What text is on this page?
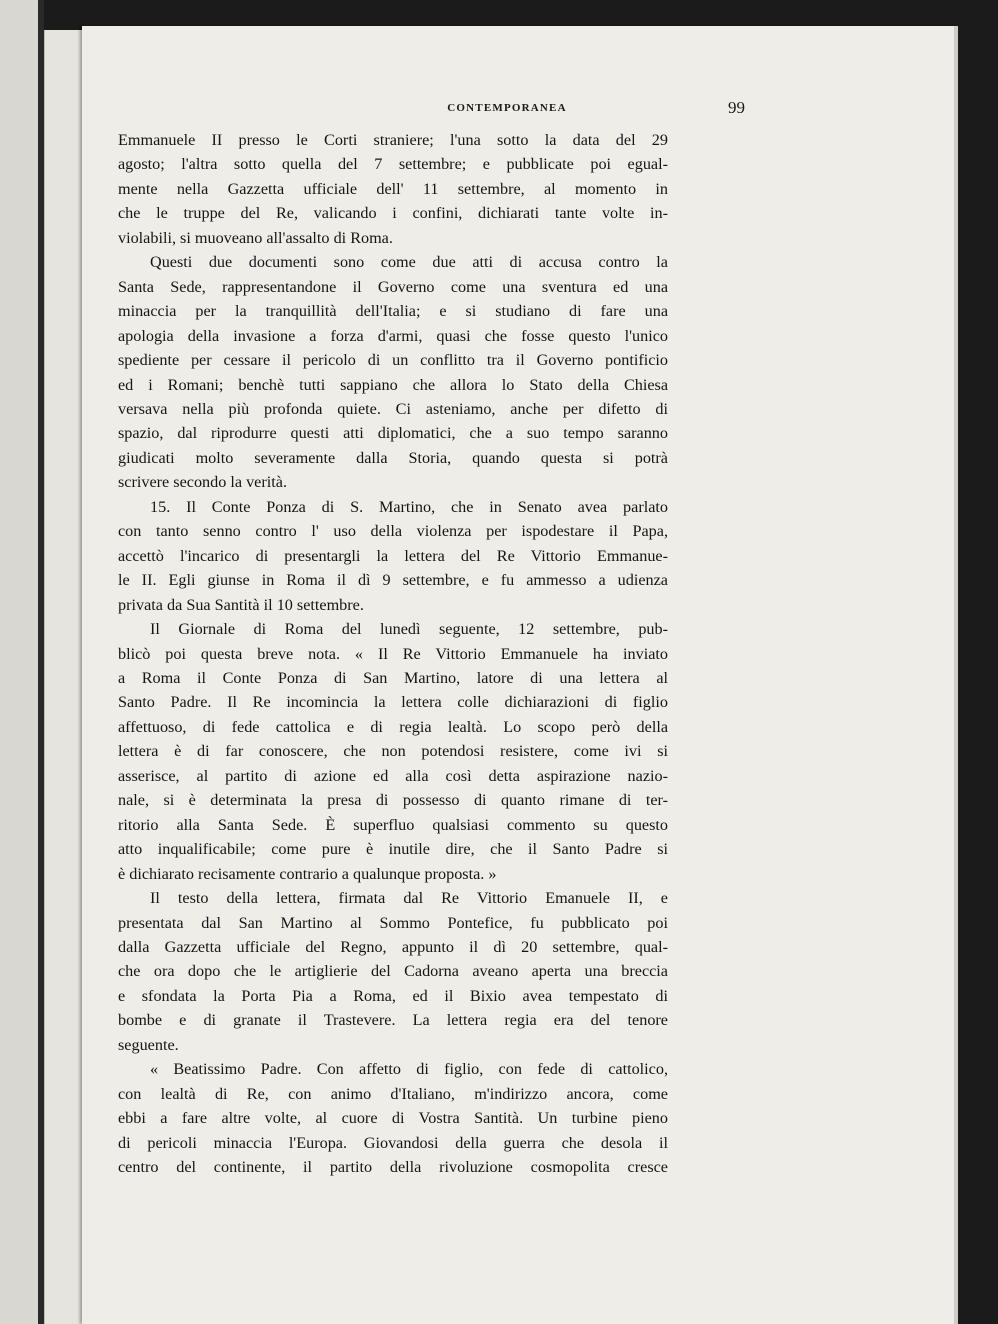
CONTEMPORANEA	99
Emmanuele II presso le Corti straniere; l'una sotto la data del 29
agosto; l'altra sotto quella del 7 settembre; e pubblicate poi egual-
mente nella Gazzetta ufficiale dell' 11 settembre, al momento in
che le truppe del Re, valicando i confini, dichiarati tante volte in-
violabili, si muoveano all'assalto di Roma.
Questi due documenti sono come due atti di accusa contro la
Santa Sede, rappresentandone il Governo come una sventura ed una
minaccia per la tranquillità dell'Italia; e si studiano di fare una
apologia della invasione a forza d'armi, quasi che fosse questo l'unico
spediente per cessare il pericolo di un conflitto tra il Governo pontificio
ed i Romani; benchè tutti sappiano che allora lo Stato della Chiesa
versava nella più profonda quiete. Ci asteniamo, anche per difetto di
spazio, dal riprodurre questi atti diplomatici, che a suo tempo saranno
giudicati molto severamente dalla Storia, quando questa si potrà
scrivere secondo la verità.
15. Il Conte Ponza di S. Martino, che in Senato avea parlato
con tanto senno contro l' uso della violenza per ispodestare il Papa,
accettò l'incarico di presentargli la lettera del Re Vittorio Emmanue-
le II. Egli giunse in Roma il dì 9 settembre, e fu ammesso a udienza
privata da Sua Santità il 10 settembre.
Il Giornale di Roma del lunedì seguente, 12 settembre, pub-
blicò poi questa breve nota. « Il Re Vittorio Emmanuele ha inviato
a Roma il Conte Ponza di San Martino, latore di una lettera al
Santo Padre. Il Re incomincia la lettera colle dichiarazioni di figlio
affettuoso, di fede cattolica e di regia lealtà. Lo scopo però della
lettera è di far conoscere, che non potendosi resistere, come ivi si
asserisce, al partito di azione ed alla così detta aspirazione nazio-
nale, si è determinata la presa di possesso di quanto rimane di ter-
ritorio alla Santa Sede. È superfluo qualsiasi commento su questo
atto inqualificabile; come pure è inutile dire, che il Santo Padre si
è dichiarato recisamente contrario a qualunque proposta. »
Il testo della lettera, firmata dal Re Vittorio Emanuele II, e
presentata dal San Martino al Sommo Pontefice, fu pubblicato poi
dalla Gazzetta ufficiale del Regno, appunto il dì 20 settembre, qual-
che ora dopo che le artiglierie del Cadorna aveano aperta una breccia
e sfondata la Porta Pia a Roma, ed il Bixio avea tempestato di
bombe e di granate il Trastevere. La lettera regia era del tenore
seguente.
« Beatissimo Padre. Con affetto di figlio, con fede di cattolico,
con lealtà di Re, con animo d'Italiano, m'indirizzo ancora, come
ebbi a fare altre volte, al cuore di Vostra Santità. Un turbine pieno
di pericoli minaccia l'Europa. Giovandosi della guerra che desola il
centro del continente, il partito della rivoluzione cosmopolita cresce
